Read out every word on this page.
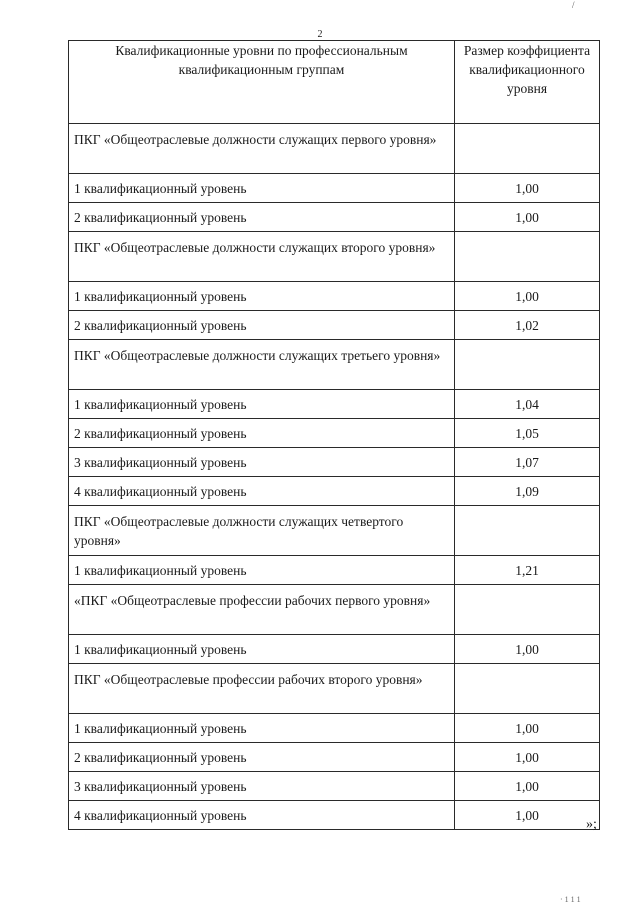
2
/
Квалификационные уровни по профессиональным квалификационным группам	Размер коэффициента квалификационного уровня
ПКГ «Общеотраслевые должности служащих первого уровня»	
1 квалификационный уровень	1,00
2 квалификационный уровень	1,00
ПКГ «Общеотраслевые должности служащих второго уровня»	
1 квалификационный уровень	1,00
2 квалификационный уровень	1,02
ПКГ «Общеотраслевые должности служащих третьего уровня»	
1 квалификационный уровень	1,04
2 квалификационный уровень	1,05
3 квалификационный уровень	1,07
4 квалификационный уровень	1,09
ПКГ «Общеотраслевые должности служащих четвертого уровня»	
1 квалификационный уровень	1,21
«ПКГ «Общеотраслевые профессии рабочих первого уровня»	
1 квалификационный уровень	1,00
ПКГ «Общеотраслевые профессии рабочих второго уровня»	
1 квалификационный уровень	1,00
2 квалификационный уровень	1,00
3 квалификационный уровень	1,00
4 квалификационный уровень	1,00
»;
· 1 1 1
